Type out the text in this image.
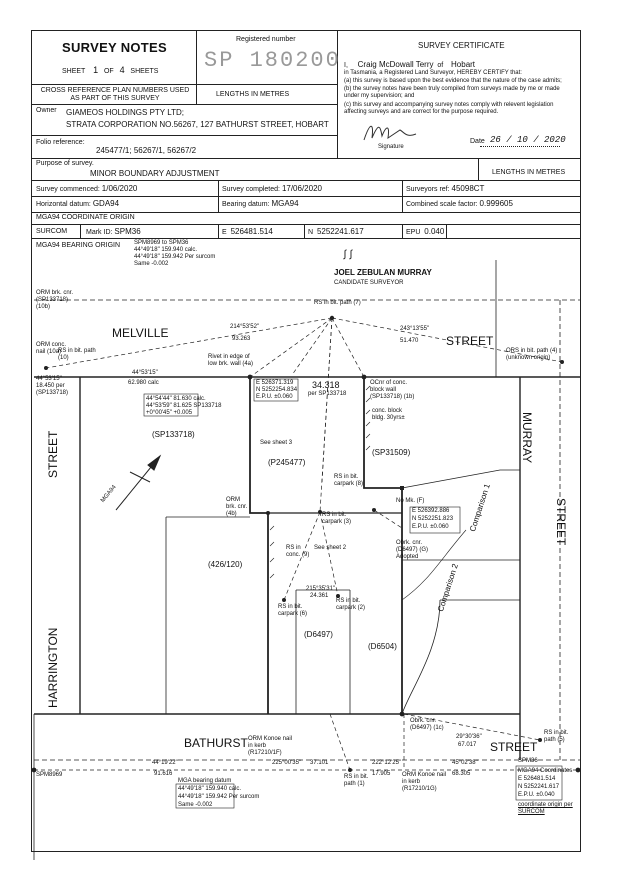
SURVEY NOTES
SHEET 1 OF 4 SHEETS
Registered number
SP 180200
CROSS REFERENCE PLAN NUMBERS USED AS PART OF THIS SURVEY
LENGTHS IN METRES
Owner GIAMEOS HOLDINGS PTY LTD;
STRATA CORPORATION NO.56267, 127 BATHURST STREET, HOBART
Folio reference:
245477/1; 56267/1, 56267/2
SURVEY CERTIFICATE
I, Craig McDowall Terry of Hobart
in Tasmania, a Registered Land Surveyor, HEREBY CERTIFY that:
(a) this survey is based upon the best evidence that the nature of the case admits;
(b) the survey notes have been truly compiled from surveys made by me or made under my supervision; and
(c) this survey and accompanying survey notes comply with relevent legislation affecting surveys and are correct for the purpose required.
Signature
Date 26 / 10 / 2020
Purpose of survey.
MINOR BOUNDARY ADJUSTMENT	LENGTHS IN METRES
Survey commenced: 1/06/2020	Survey completed: 17/06/2020	Surveyors ref: 45098CT
Horizontal datum: GDA94	Bearing datum: MGA94	Combined scale factor: 0.999605
MGA94 COORDINATE ORIGIN
SURCOM	Mark ID: SPM36	E 526481.514	N 5252241.617	EPU 0.040
MGA94 BEARING ORIGIN SPM8969 to SPM36
44°49'18" 159.940 calc.
44°49'18" 159.942 Per surcom
Same -0.002
∫∫
JOEL ZEBULAN MURRAY
CANDIDATE SURVEYOR
MELVILLE
STREET
MURRAY
STREET
STREET
HARRINGTON
BATHURST	STREET
(SP133718)
(P245477)
(SP31509)
(426/120)
(D6497)
(D6504)
See sheet 3
See sheet 2
34.318
per SP133718
44°53'15"
62.980 calc
214°53'52"
93.263
243°13'55"
51.470
RS in bit. path (7)
RS in bit. path (10)
ORS in bit. path (4) (unknown origin)
ORM brk. cnr. (SP133718) (10b)
ORM conc. nail (10a)
Rivet in edge of low brk. wall (4a)
E 526371.319
N 5252254.834
E.P.U. ±0.060
OCnr of conc. block wall (SP133718) (1b)
conc. block bldg. 30yrs±
44°53'15"
18.450 per (SP133718)
44°54'44" 81.630 calc.
44°53'59" 81.625 SP133718
+0°00'45" +0.005
RS in bit. carpark (8)
RS in bit. carpark (3)
RS in bit. carpark (6)
RS in bit. carpark (2)
RS in conc. (9)
ORM brk. cnr. (4b)
No Mk. (F)
E 526392.886
N 5252251.823
E.P.U. ±0.060
Obrk. cnr. (D6497) (G) Adopted
Obrk. cnr. (D6497) (1c)
Comparison 1
Comparison 2
215°35'31"
24.361
225°00'35" 37.101
44°19'22"
91.616
222°12'25"
17.905
45°02'38"
68.305
29°30'36"
67.017
RS in bit. path (1)
RS in bit. path (5)
ORM Konoe nail in kerb (R17210/1F)
ORM Konoe nail in kerb (R17210/1G)
SPM8969
SPM36
MGA94 Coordinates
E 526481.514
N 5252241.617
E.P.U. ±0.040
coordinate origin per SURCOM
MGA bearing datum
44°49'18" 159.940 calc.
44°49'18" 159.942 Per surcom
Same -0.002
MGA94
